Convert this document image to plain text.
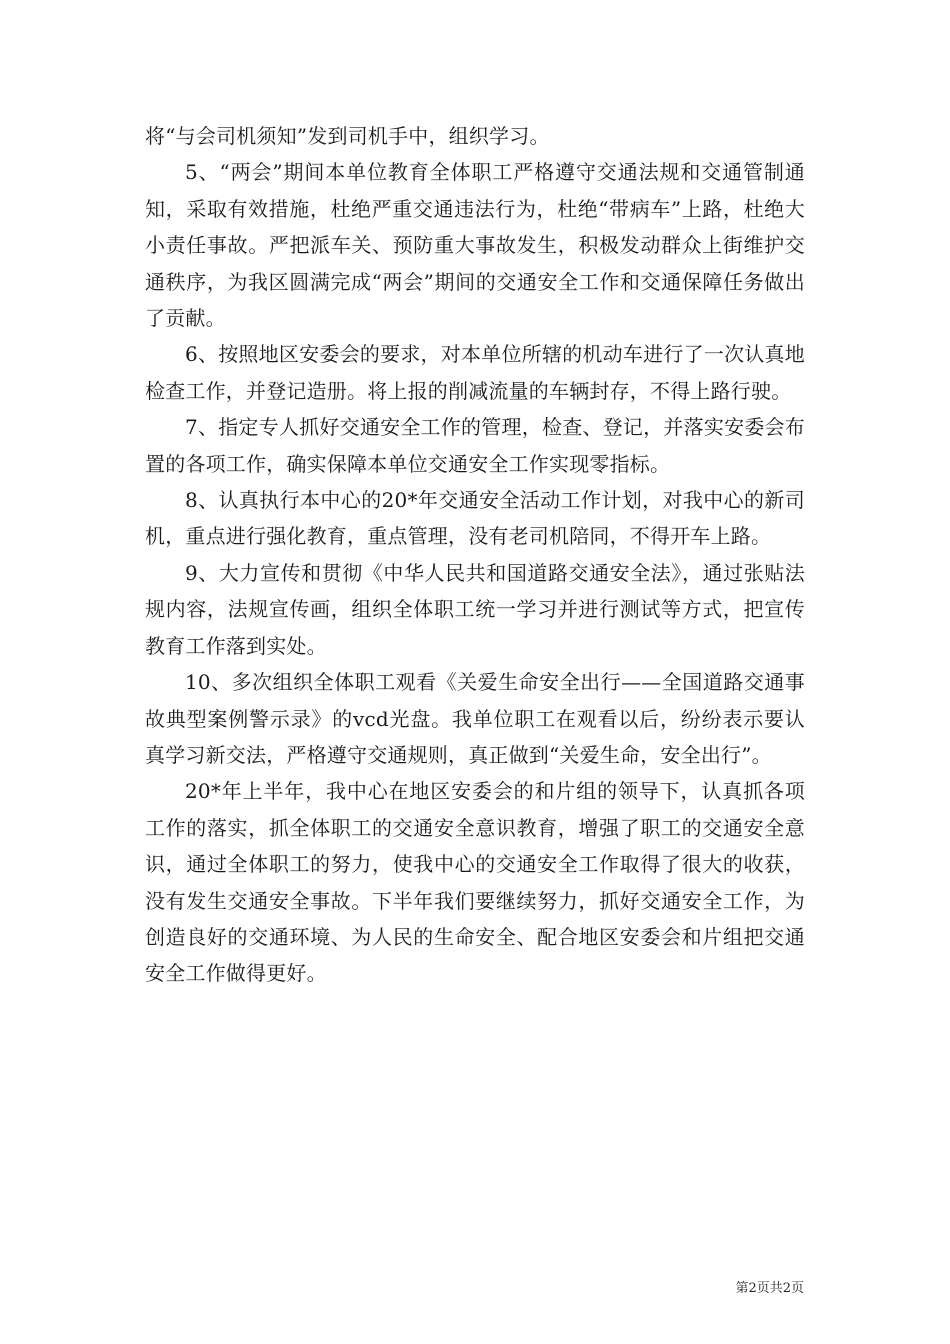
将“与会司机须知”发到司机手中，组织学习。

5、“两会”期间本单位教育全体职工严格遵守交通法规和交通管制通知，采取有效措施，杜绝严重交通违法行为，杜绝“带病车”上路，杜绝大小责任事故。严把派车关、预防重大事故发生，积极发动群众上街维护交通秩序，为我区圆满完成“两会”期间的交通安全工作和交通保障任务做出了贡献。

6、按照地区安委会的要求，对本单位所辖的机动车进行了一次认真地检查工作，并登记造册。将上报的削减流量的车辆封存，不得上路行驶。

7、指定专人抓好交通安全工作的管理，检查、登记，并落实安委会布置的各项工作，确实保障本单位交通安全工作实现零指标。

8、认真执行本中心的20*年交通安全活动工作计划，对我中心的新司机，重点进行强化教育，重点管理，没有老司机陪同，不得开车上路。

9、大力宣传和贯彻《中华人民共和国道路交通安全法》，通过张贴法规内容，法规宣传画，组织全体职工统一学习并进行测试等方式，把宣传教育工作落到实处。

10、多次组织全体职工观看《关爱生命安全出行——全国道路交通事故典型案例警示录》的vcd光盘。我单位职工在观看以后，纷纷表示要认真学习新交法，严格遵守交通规则，真正做到“关爱生命，安全出行”。

20*年上半年，我中心在地区安委会的和片组的领导下，认真抓各项工作的落实，抓全体职工的交通安全意识教育，增强了职工的交通安全意识，通过全体职工的努力，使我中心的交通安全工作取得了很大的收获，没有发生交通安全事故。下半年我们要继续努力，抓好交通安全工作，为创造良好的交通环境、为人民的生命安全、配合地区安委会和片组把交通安全工作做得更好。

第2页共2页
